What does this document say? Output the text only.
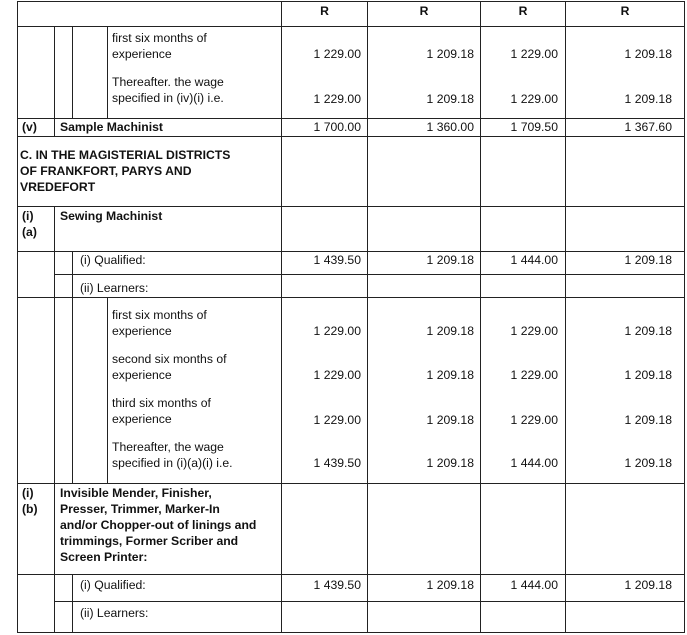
R	R	R	R
first six months of
experience	1 229.00	1 209.18	1 229.00	1 209.18
Thereafter. the wage
specified in (iv)(i) i.e.	1 229.00	1 209.18	1 229.00	1 209.18
(v) Sample Machinist	1 700.00	1 360.00	1 709.50	1 367.60
C. IN THE MAGISTERIAL DISTRICTS
OF FRANKFORT, PARYS AND
VREDEFORT
(i)
(a)
Sewing Machinist
(i) Qualified:	1 439.50	1 209.18	1 444.00	1 209.18
(ii) Learners:
first six months of
experience	1 229.00	1 209.18	1 229.00	1 209.18
second six months of
experience	1 229.00	1 209.18	1 229.00	1 209.18
third six months of
experience	1 229.00	1 209.18	1 229.00	1 209.18
Thereafter, the wage
specified in (i)(a)(i) i.e.	1 439.50	1 209.18	1 444.00	1 209.18
(i)
(b)
Invisible Mender, Finisher,
Presser, Trimmer, Marker-In
and/or Chopper-out of linings and
trimmings, Former Scriber and
Screen Printer:
(i) Qualified:	1 439.50	1 209.18	1 444.00	1 209.18
(ii) Learners:
